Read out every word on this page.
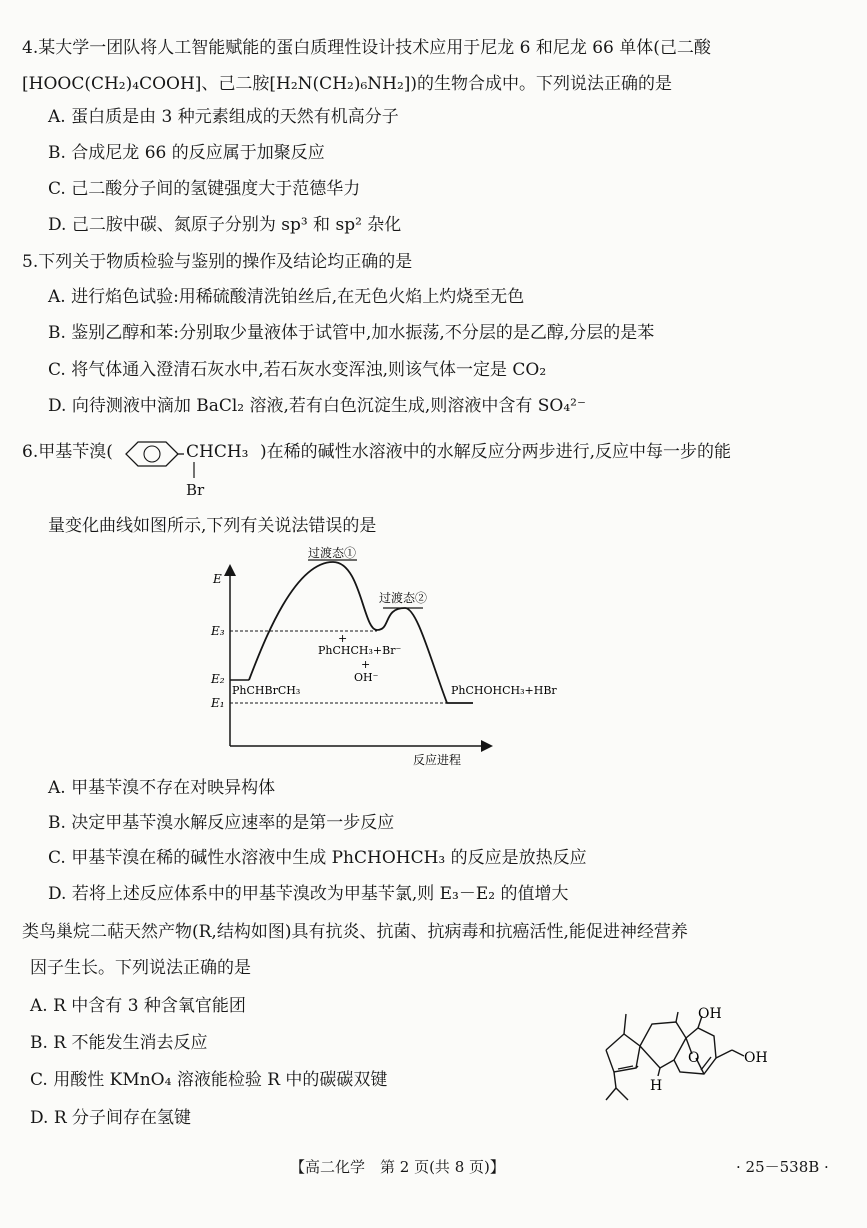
4.某大学一团队将人工智能赋能的蛋白质理性设计技术应用于尼龙 6 和尼龙 66 单体(己二酸
[HOOC(CH₂)₄COOH]、己二胺[H₂N(CH₂)₆NH₂])的生物合成中。下列说法正确的是
A. 蛋白质是由 3 种元素组成的天然有机高分子
B. 合成尼龙 66 的反应属于加聚反应
C. 己二酸分子间的氢键强度大于范德华力
D. 己二胺中碳、氮原子分别为 sp³ 和 sp² 杂化
5.下列关于物质检验与鉴别的操作及结论均正确的是
A. 进行焰色试验:用稀硫酸清洗铂丝后,在无色火焰上灼烧至无色
B. 鉴别乙醇和苯:分别取少量液体于试管中,加水振荡,不分层的是乙醇,分层的是苯
C. 将气体通入澄清石灰水中,若石灰水变浑浊,则该气体一定是 CO₂
D. 向待测液中滴加 BaCl₂ 溶液,若有白色沉淀生成,则溶液中含有 SO₄²⁻
6.甲基苄溴(	CHCH₃
Br
)在稀的碱性水溶液中的水解反应分两步进行,反应中每一步的能
量变化曲线如图所示,下列有关说法错误的是
E
E₃
E₂
E₁
过渡态①
过渡态②
PhCHBrCH₃
+
PhCHCH₃+Br⁻
+
OH⁻
PhCHOHCH₃+HBr
反应进程
A. 甲基苄溴不存在对映异构体
B. 决定甲基苄溴水解反应速率的是第一步反应
C. 甲基苄溴在稀的碱性水溶液中生成 PhCHOHCH₃ 的反应是放热反应
D. 若将上述反应体系中的甲基苄溴改为甲基苄氯,则 E₃－E₂ 的值增大
类鸟巢烷二萜天然产物(R,结构如图)具有抗炎、抗菌、抗病毒和抗癌活性,能促进神经营养
因子生长。下列说法正确的是
A. R 中含有 3 种含氧官能团
B. R 不能发生消去反应
C. 用酸性 KMnO₄ 溶液能检验 R 中的碳碳双键
D. R 分子间存在氢键
OH
OH
O
H
【高二化学　第 2 页(共 8 页)】	· 25－538B ·
